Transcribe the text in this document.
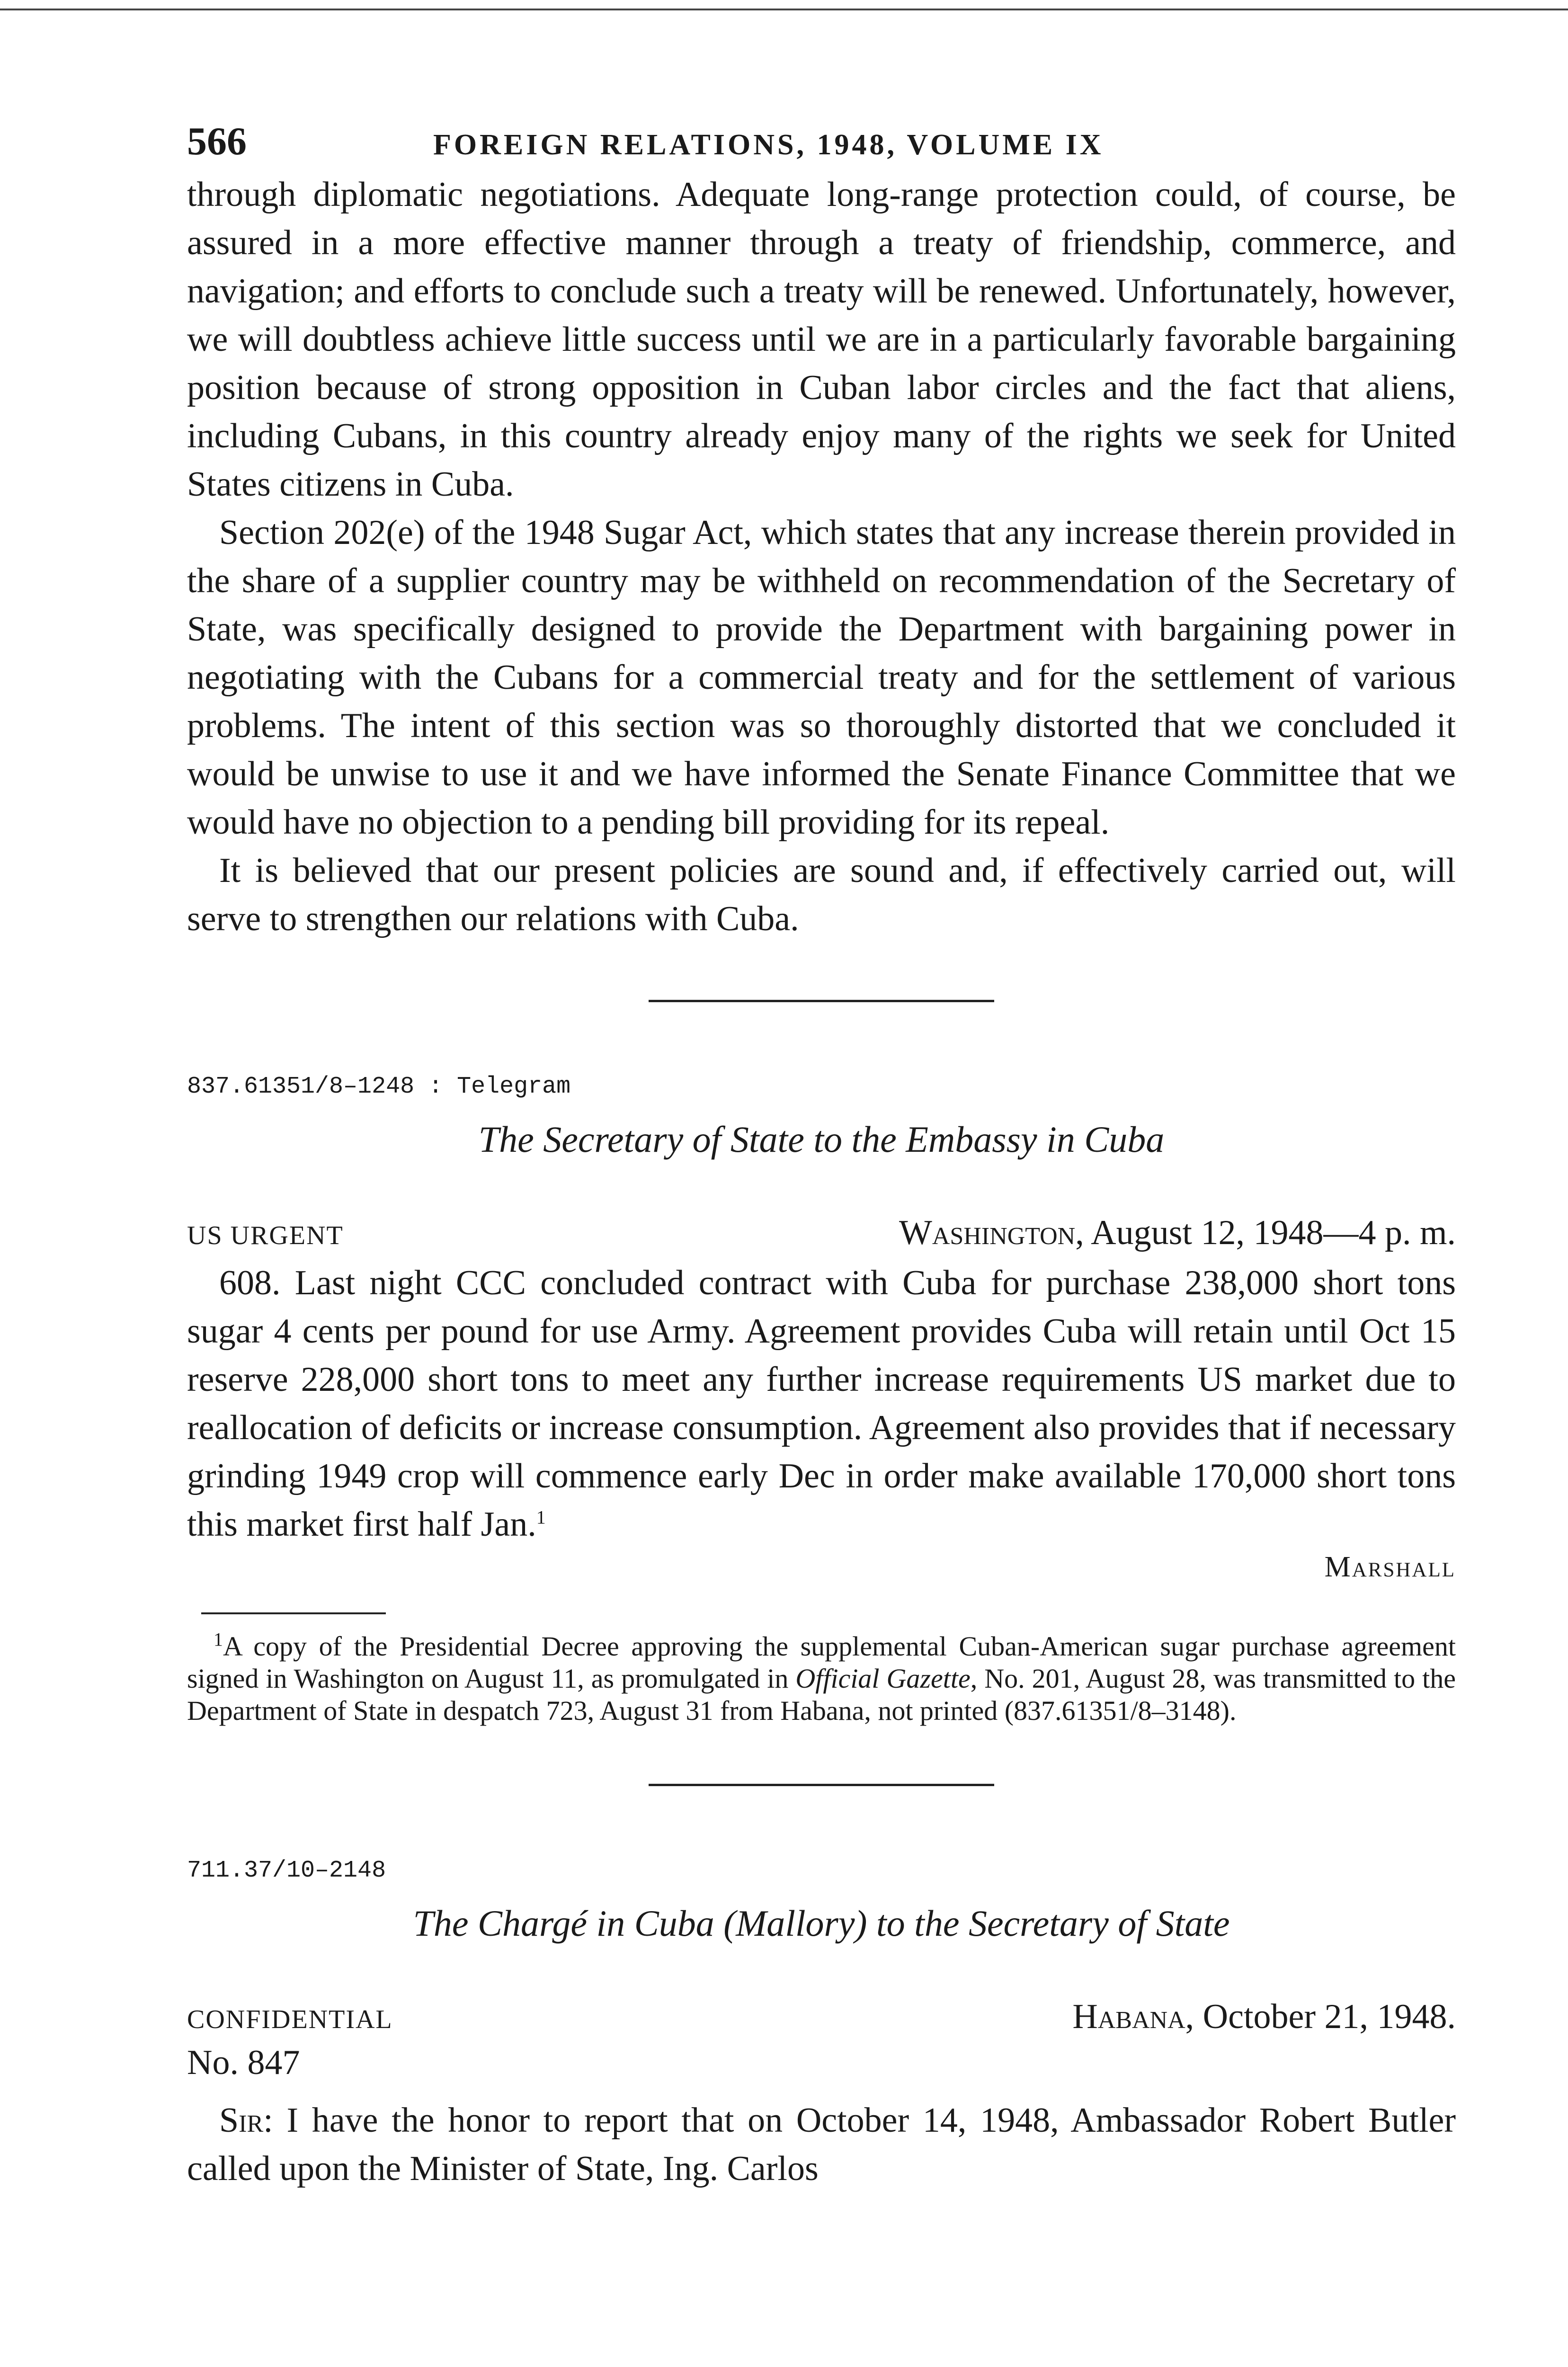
566	FOREIGN RELATIONS, 1948, VOLUME IX

through diplomatic negotiations. Adequate long-range protection could, of course, be assured in a more effective manner through a treaty of friendship, commerce, and navigation; and efforts to conclude such a treaty will be renewed. Unfortunately, however, we will doubtless achieve little success until we are in a particularly favorable bargaining position because of strong opposition in Cuban labor circles and the fact that aliens, including Cubans, in this country already enjoy many of the rights we seek for United States citizens in Cuba.

Section 202(e) of the 1948 Sugar Act, which states that any increase therein provided in the share of a supplier country may be withheld on recommendation of the Secretary of State, was specifically designed to provide the Department with bargaining power in negotiating with the Cubans for a commercial treaty and for the settlement of various problems. The intent of this section was so thoroughly distorted that we concluded it would be unwise to use it and we have informed the Senate Finance Committee that we would have no objection to a pending bill providing for its repeal.

It is believed that our present policies are sound and, if effectively carried out, will serve to strengthen our relations with Cuba.

837.61351/8–1248 : Telegram

The Secretary of State to the Embassy in Cuba
US URGENT	Washington, August 12, 1948—4 p. m.

608. Last night CCC concluded contract with Cuba for purchase 238,000 short tons sugar 4 cents per pound for use Army. Agreement provides Cuba will retain until Oct 15 reserve 228,000 short tons to meet any further increase requirements US market due to reallocation of deficits or increase consumption. Agreement also provides that if necessary grinding 1949 crop will commence early Dec in order make available 170,000 short tons this market first half Jan.$^1$

Marshall

$^1$A copy of the Presidential Decree approving the supplemental Cuban-American sugar purchase agreement signed in Washington on August 11, as promulgated in Official Gazette, No. 201, August 28, was transmitted to the Department of State in despatch 723, August 31 from Habana, not printed (837.61351/8–3148).

711.37/10–2148

The Chargé in Cuba (Mallory) to the Secretary of State
CONFIDENTIAL	Habana, October 21, 1948.

No. 847

Sir: I have the honor to report that on October 14, 1948, Ambassador Robert Butler called upon the Minister of State, Ing. Carlos
